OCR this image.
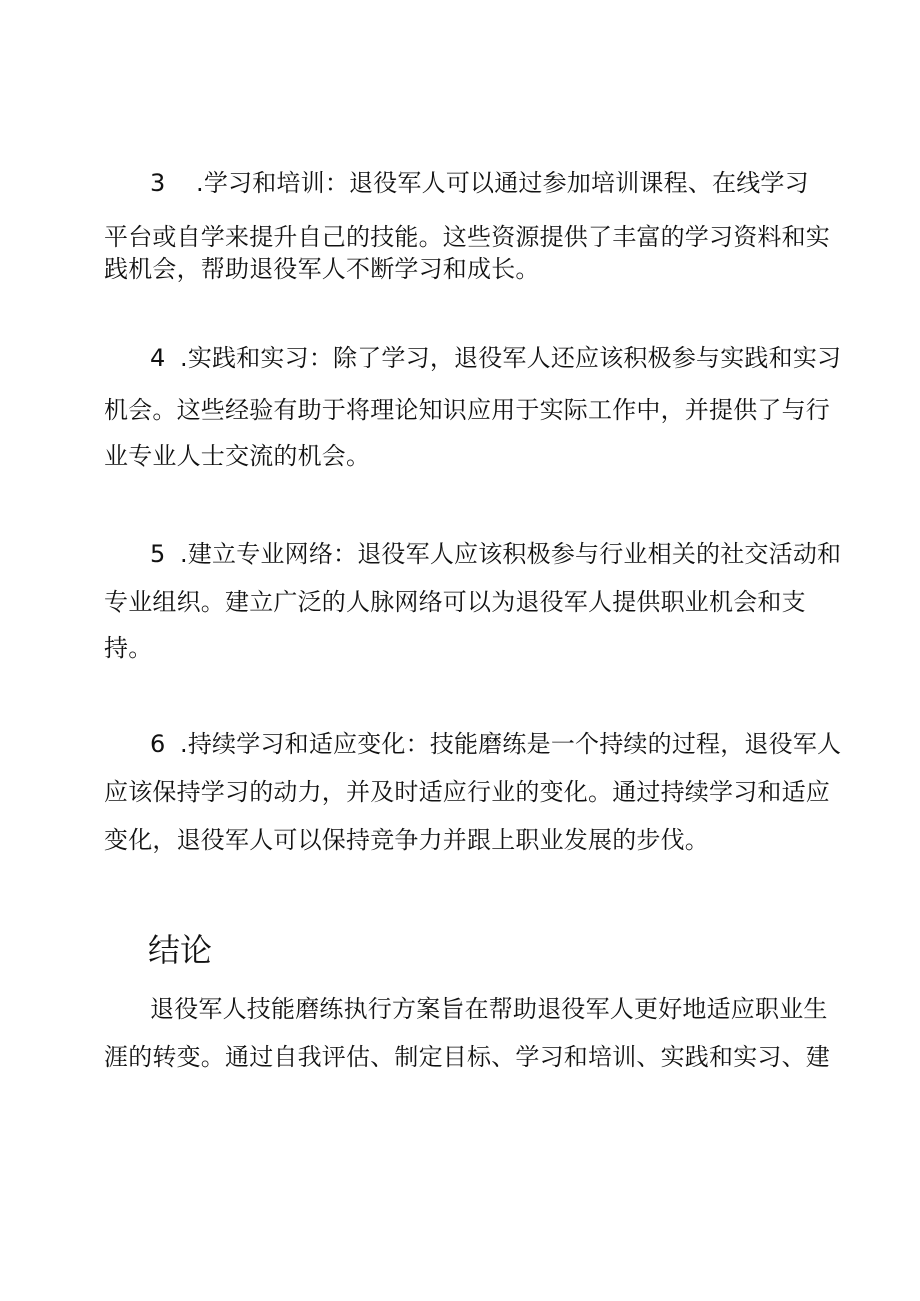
3 .学习和培训：退役军人可以通过参加培训课程、在线学习
平台或自学来提升自己的技能。这些资源提供了丰富的学习资料和实
践机会，帮助退役军人不断学习和成长。
4 .实践和实习：除了学习，退役军人还应该积极参与实践和实习
机会。这些经验有助于将理论知识应用于实际工作中，并提供了与行
业专业人士交流的机会。
5 .建立专业网络：退役军人应该积极参与行业相关的社交活动和
专业组织。建立广泛的人脉网络可以为退役军人提供职业机会和支
持。
6 .持续学习和适应变化：技能磨练是一个持续的过程，退役军人
应该保持学习的动力，并及时适应行业的变化。通过持续学习和适应
变化，退役军人可以保持竞争力并跟上职业发展的步伐。
结论
退役军人技能磨练执行方案旨在帮助退役军人更好地适应职业生
涯的转变。通过自我评估、制定目标、学习和培训、实践和实习、建
